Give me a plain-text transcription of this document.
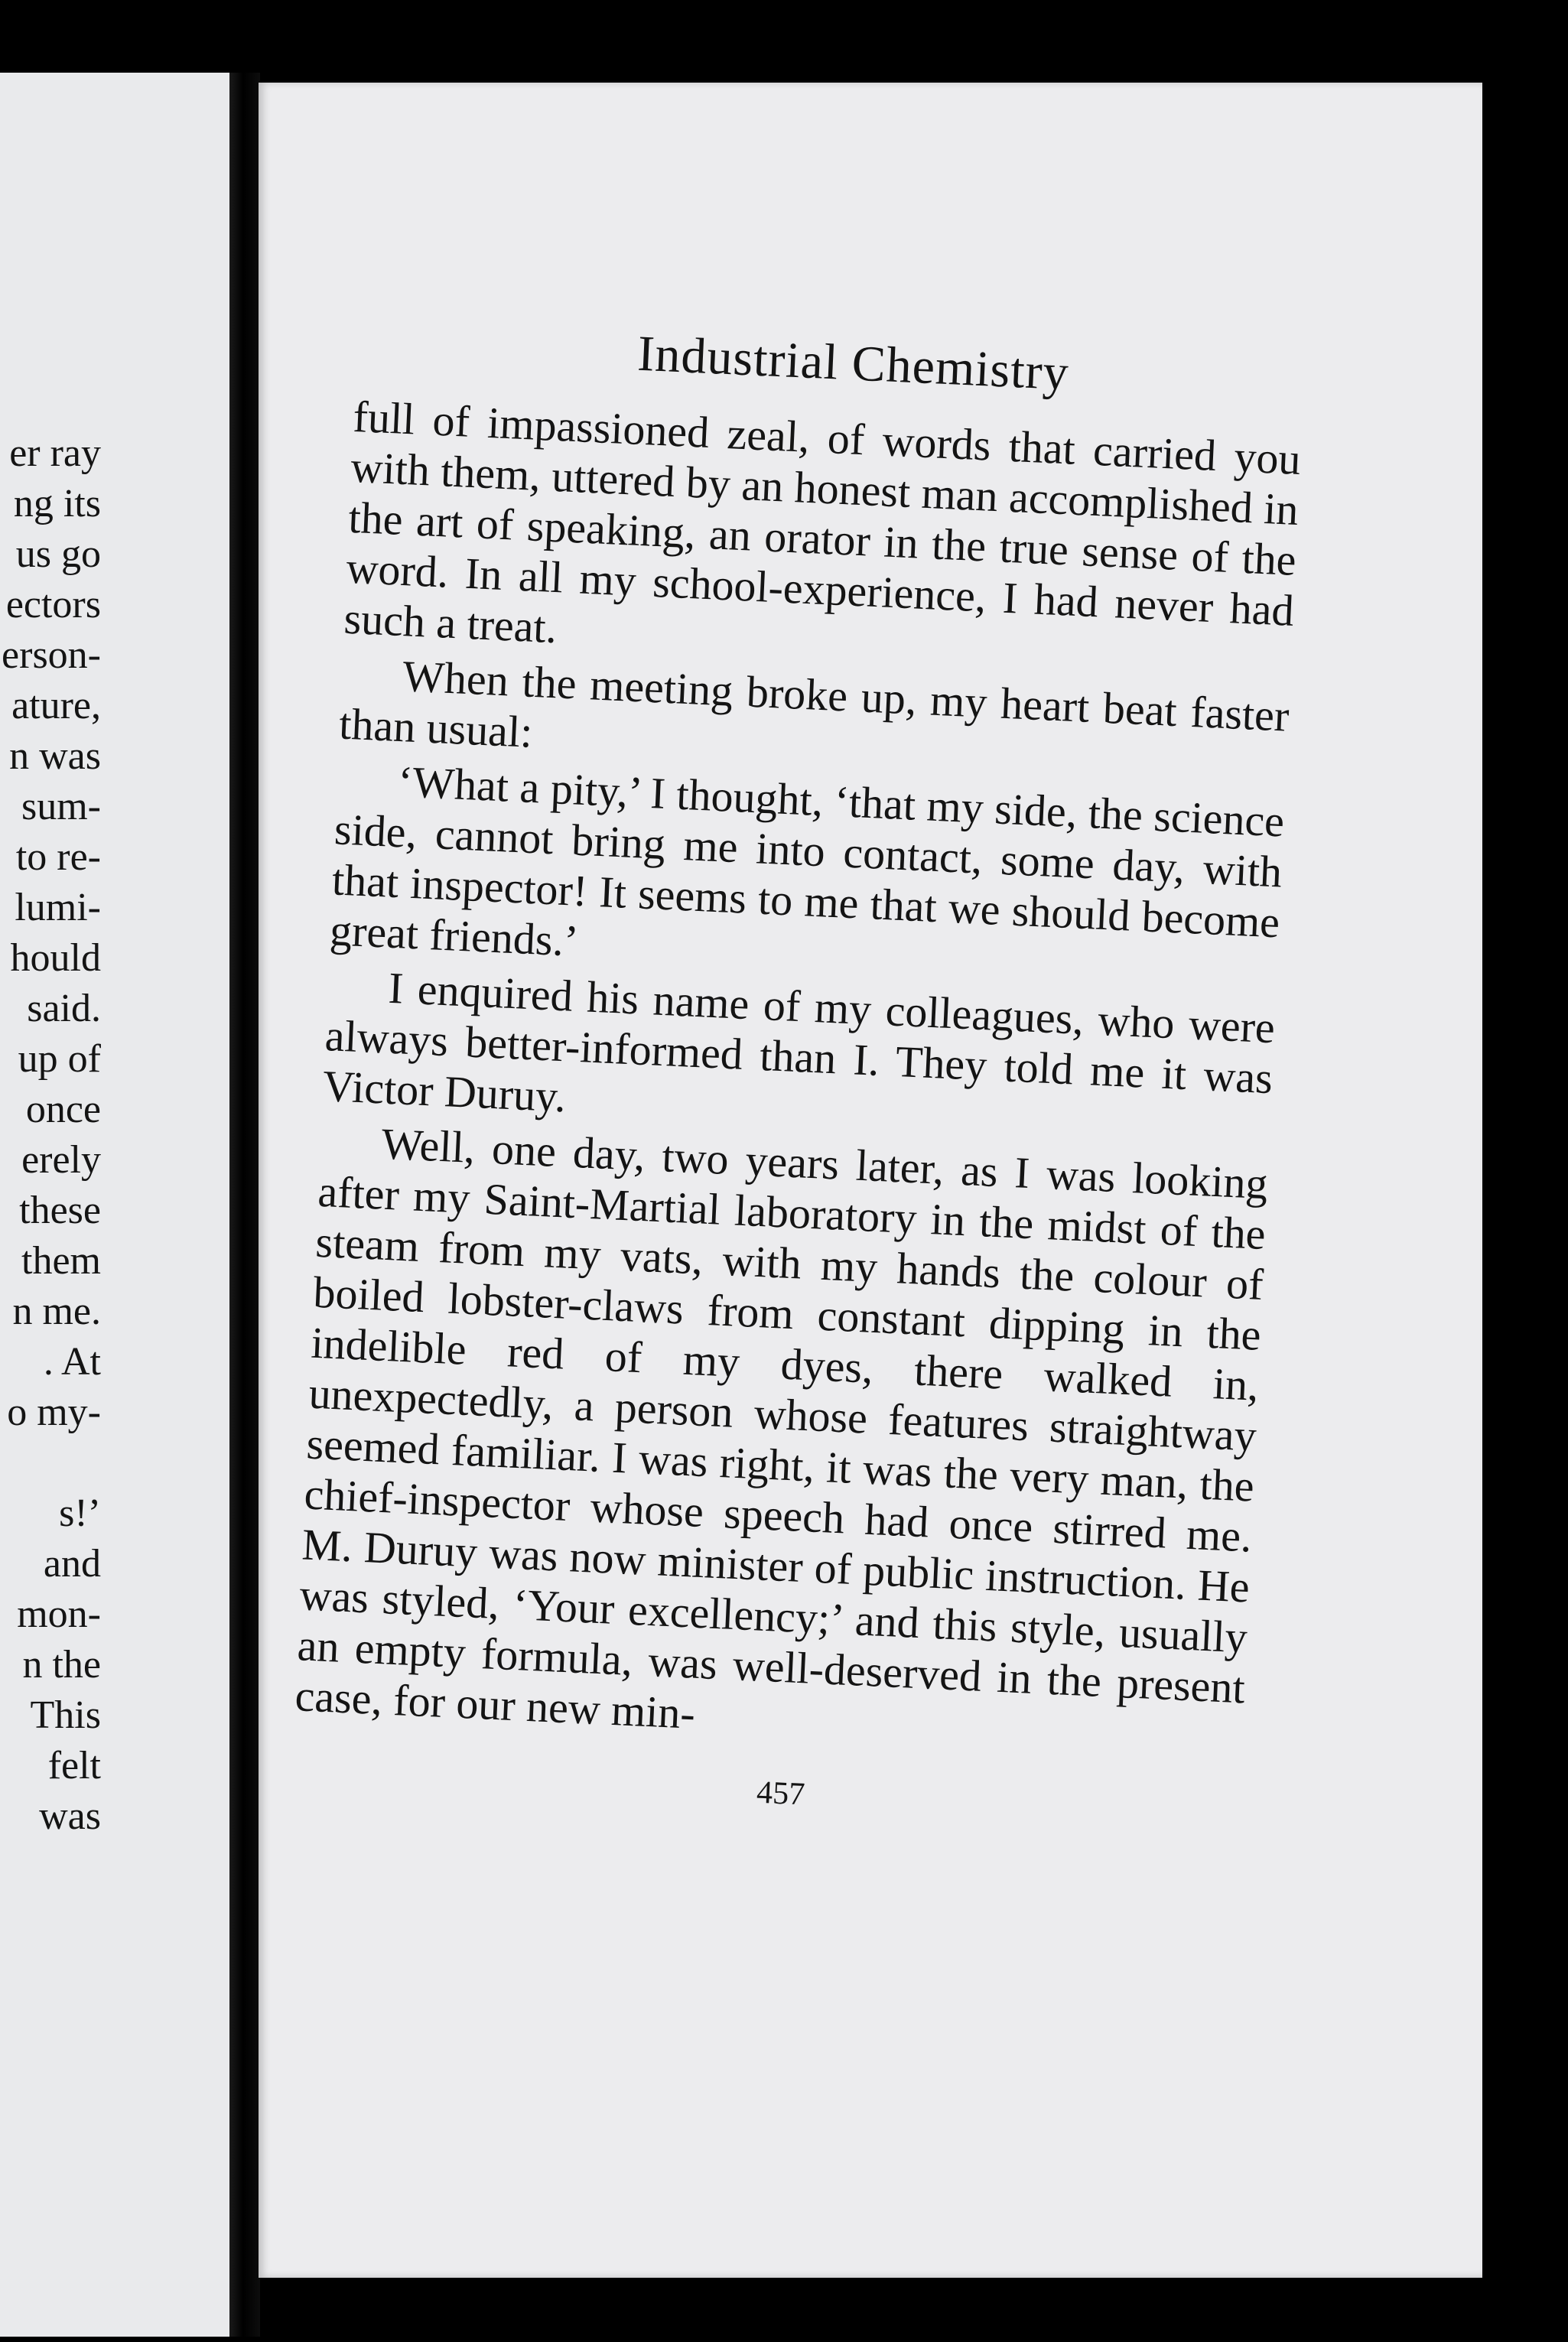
er ray
ng its
us go
ectors
erson-
ature,
n was
sum-
to re-
lumi-
hould
said.
up of
once
erely
these
them
n me.
. At
o my-

s!’
and
mon-
n the
This
felt
was
Industrial Chemistry

full of impassioned zeal, of words that carried you with them, uttered by an honest man accomplished in the art of speaking, an orator in the true sense of the word. In all my school-experience, I had never had such a treat.

When the meeting broke up, my heart beat faster than usual:

‘What a pity,’ I thought, ‘that my side, the science side, cannot bring me into contact, some day, with that inspector! It seems to me that we should become great friends.’

I enquired his name of my colleagues, who were always better-informed than I. They told me it was Victor Duruy.

Well, one day, two years later, as I was looking after my Saint-Martial laboratory in the midst of the steam from my vats, with my hands the colour of boiled lobster-claws from constant dipping in the indelible red of my dyes, there walked in, unexpectedly, a person whose features straightway seemed familiar. I was right, it was the very man, the chief-inspector whose speech had once stirred me. M. Duruy was now minister of public instruction. He was styled, ‘Your excellency;’ and this style, usually an empty formula, was well-deserved in the present case, for our new min-

457
